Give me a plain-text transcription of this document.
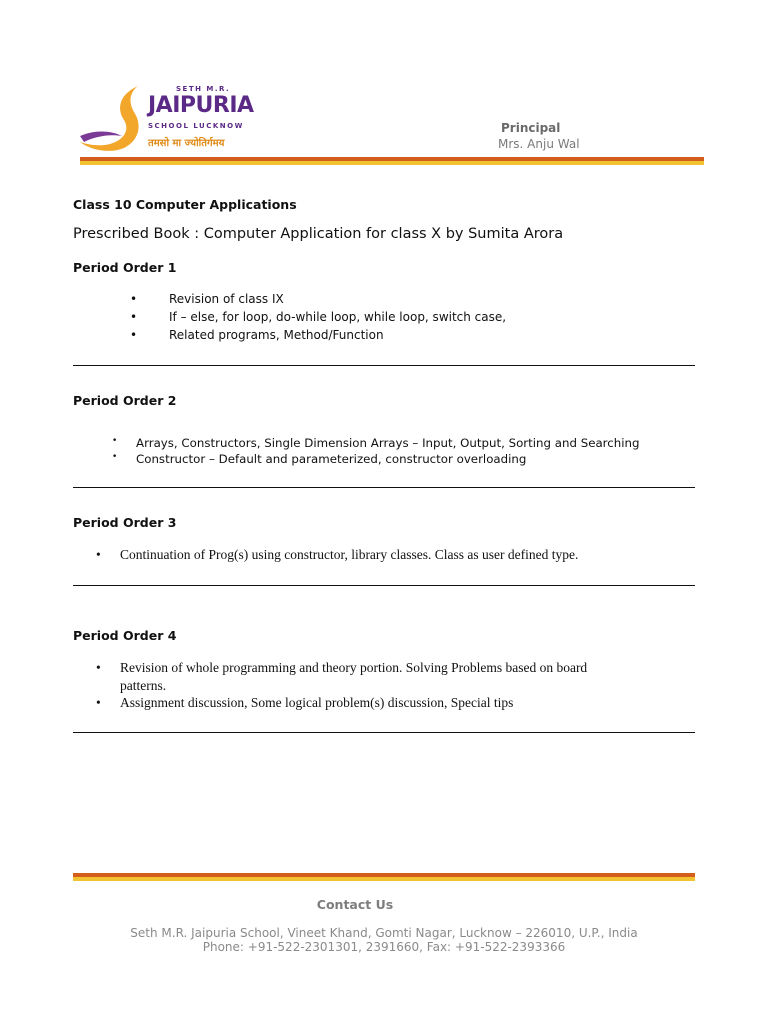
SETH M.R.
JAIPURIA
SCHOOL LUCKNOW
तमसो मा ज्योतिर्गमय
Principal
Mrs. Anju Wal
Class 10 Computer Applications
Prescribed Book : Computer Application for class X by Sumita Arora
Period Order 1
•	Revision of class IX
•	If – else, for loop, do-while loop, while loop, switch case,
•	Related programs, Method/Function
Period Order 2
• Arrays, Constructors, Single Dimension Arrays – Input, Output, Sorting and Searching
• Constructor – Default and parameterized, constructor overloading
Period Order 3
• Continuation of Prog(s) using constructor, library classes. Class as user defined type.
Period Order 4
• Revision of whole programming and theory portion. Solving Problems based on board
patterns.
• Assignment discussion, Some logical problem(s) discussion, Special tips
Contact Us
Seth M.R. Jaipuria School, Vineet Khand, Gomti Nagar, Lucknow – 226010, U.P., India
Phone: +91-522-2301301, 2391660, Fax: +91-522-2393366
